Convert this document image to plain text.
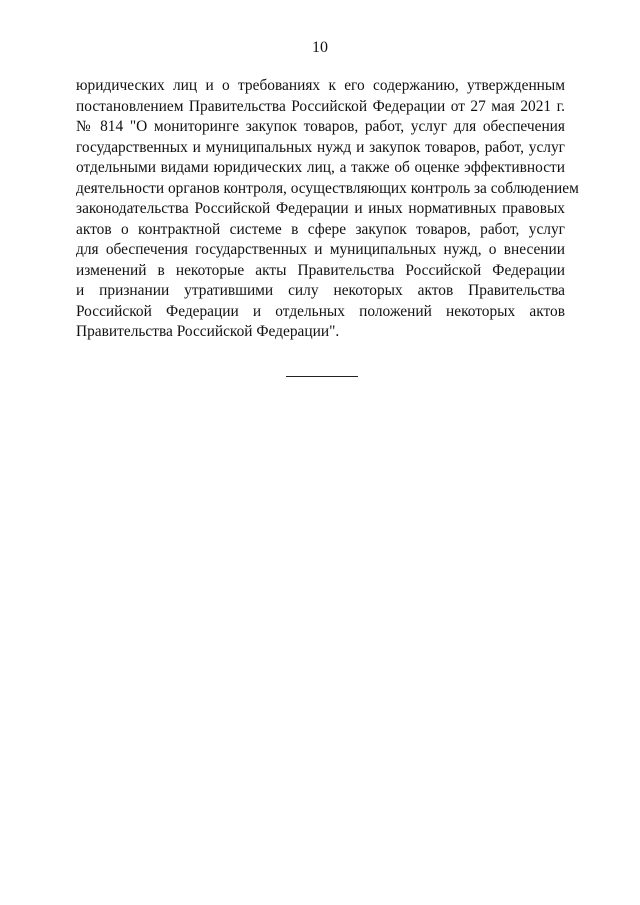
10
юридических лиц и о требованиях к его содержанию, утвержденным
постановлением Правительства Российской Федерации от 27 мая 2021 г.
№ 814 "О мониторинге закупок товаров, работ, услуг для обеспечения
государственных и муниципальных нужд и закупок товаров, работ, услуг
отдельными видами юридических лиц, а также об оценке эффективности
деятельности органов контроля, осуществляющих контроль за соблюдением
законодательства Российской Федерации и иных нормативных правовых
актов о контрактной системе в сфере закупок товаров, работ, услуг
для обеспечения государственных и муниципальных нужд, о внесении
изменений в некоторые акты Правительства Российской Федерации
и признании утратившими силу некоторых актов Правительства
Российской Федерации и отдельных положений некоторых актов
Правительства Российской Федерации".
